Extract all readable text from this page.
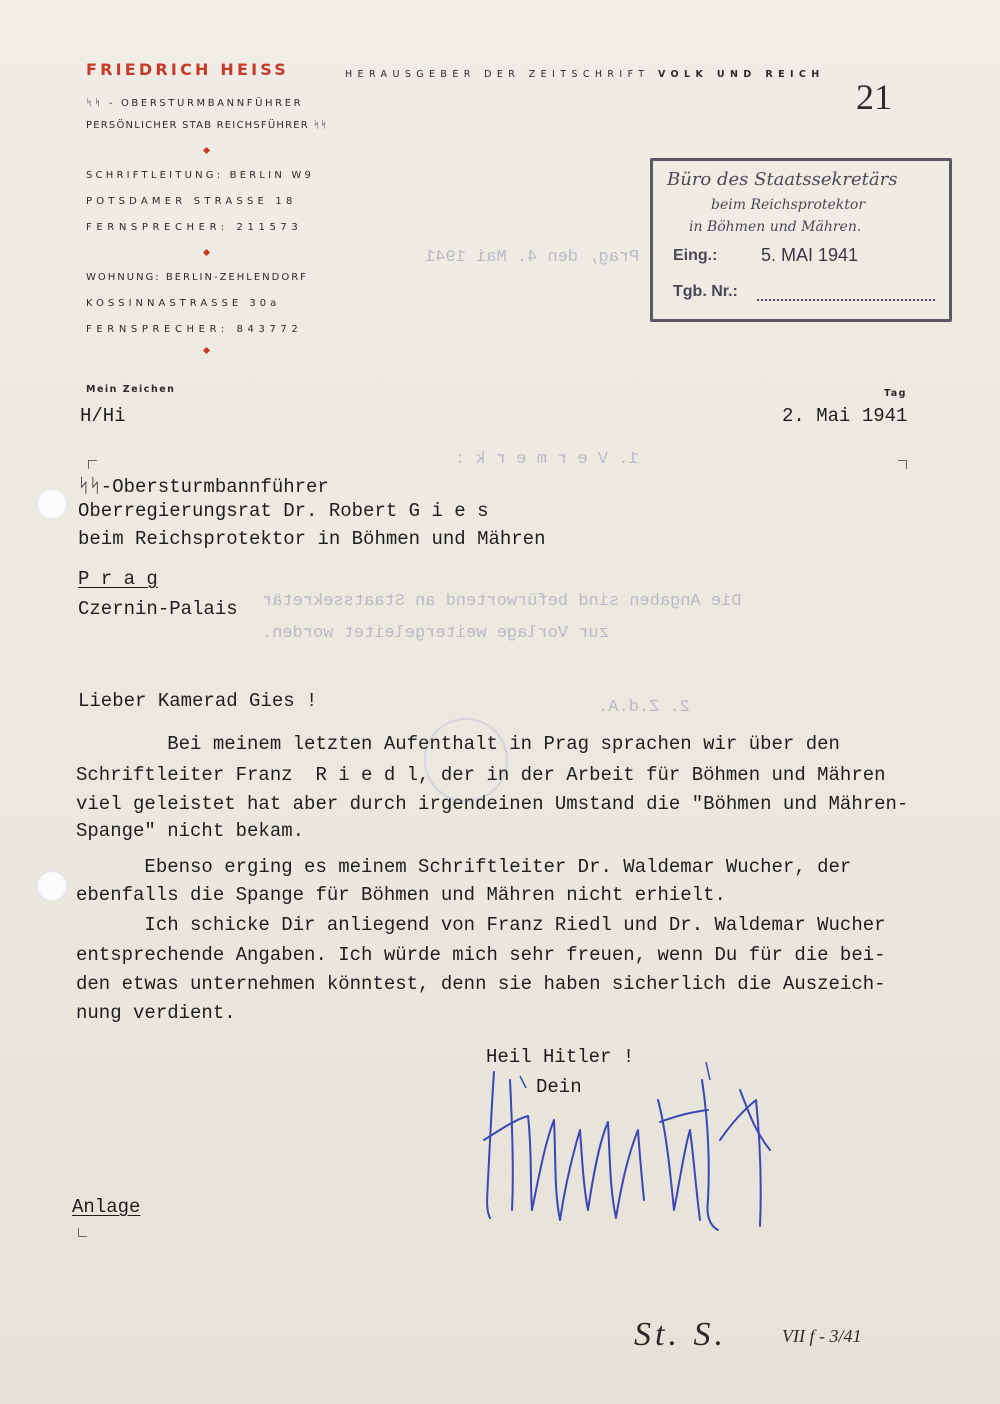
Prag, den 4. Mai 1941
1. V e r m e r k :
Die Angaben sind befürwortend an Staatssekretär
zur Vorlage weitergeleitet worden.
2. Z.d.A.
FRIEDRICH HEISS	HERAUSGEBER DER ZEITSCHRIFT VOLK UND REICH
ᛋᛋ - OBERSTURMBANNFÜHRER
PERSÖNLICHER STAB REICHSFÜHRER ᛋᛋ
SCHRIFTLEITUNG: BERLIN W9
POTSDAMER STRASSE 18
FERNSPRECHER: 211573
WOHNUNG: BERLIN-ZEHLENDORF
KOSSINNASTRASSE 30a
FERNSPRECHER: 843772
21
Büro des Staatssekretärs
beim Reichsprotektor
in Böhmen und Mähren.
Eing.: 5. MAI 1941
Tgb. Nr.:
Mein Zeichen
H/Hi
Tag
2. Mai 1941
ᛋᛋ-Obersturmbannführer
Oberregierungsrat Dr. Robert G i e s
beim Reichsprotektor in Böhmen und Mähren
P r a g
Czernin-Palais
Lieber Kamerad Gies !
Bei meinem letzten Aufenthalt in Prag sprachen wir über den
Schriftleiter Franz  R i e d l, der in der Arbeit für Böhmen und Mähren
viel geleistet hat aber durch irgendeinen Umstand die "Böhmen und Mähren-
Spange" nicht bekam.
Ebenso erging es meinem Schriftleiter Dr. Waldemar Wucher, der
ebenfalls die Spange für Böhmen und Mähren nicht erhielt.
Ich schicke Dir anliegend von Franz Riedl und Dr. Waldemar Wucher
entsprechende Angaben. Ich würde mich sehr freuen, wenn Du für die bei-
den etwas unternehmen könntest, denn sie haben sicherlich die Auszeich-
nung verdient.
Heil Hitler !
Dein
Anlage
St. S.	VII f - 3/41
